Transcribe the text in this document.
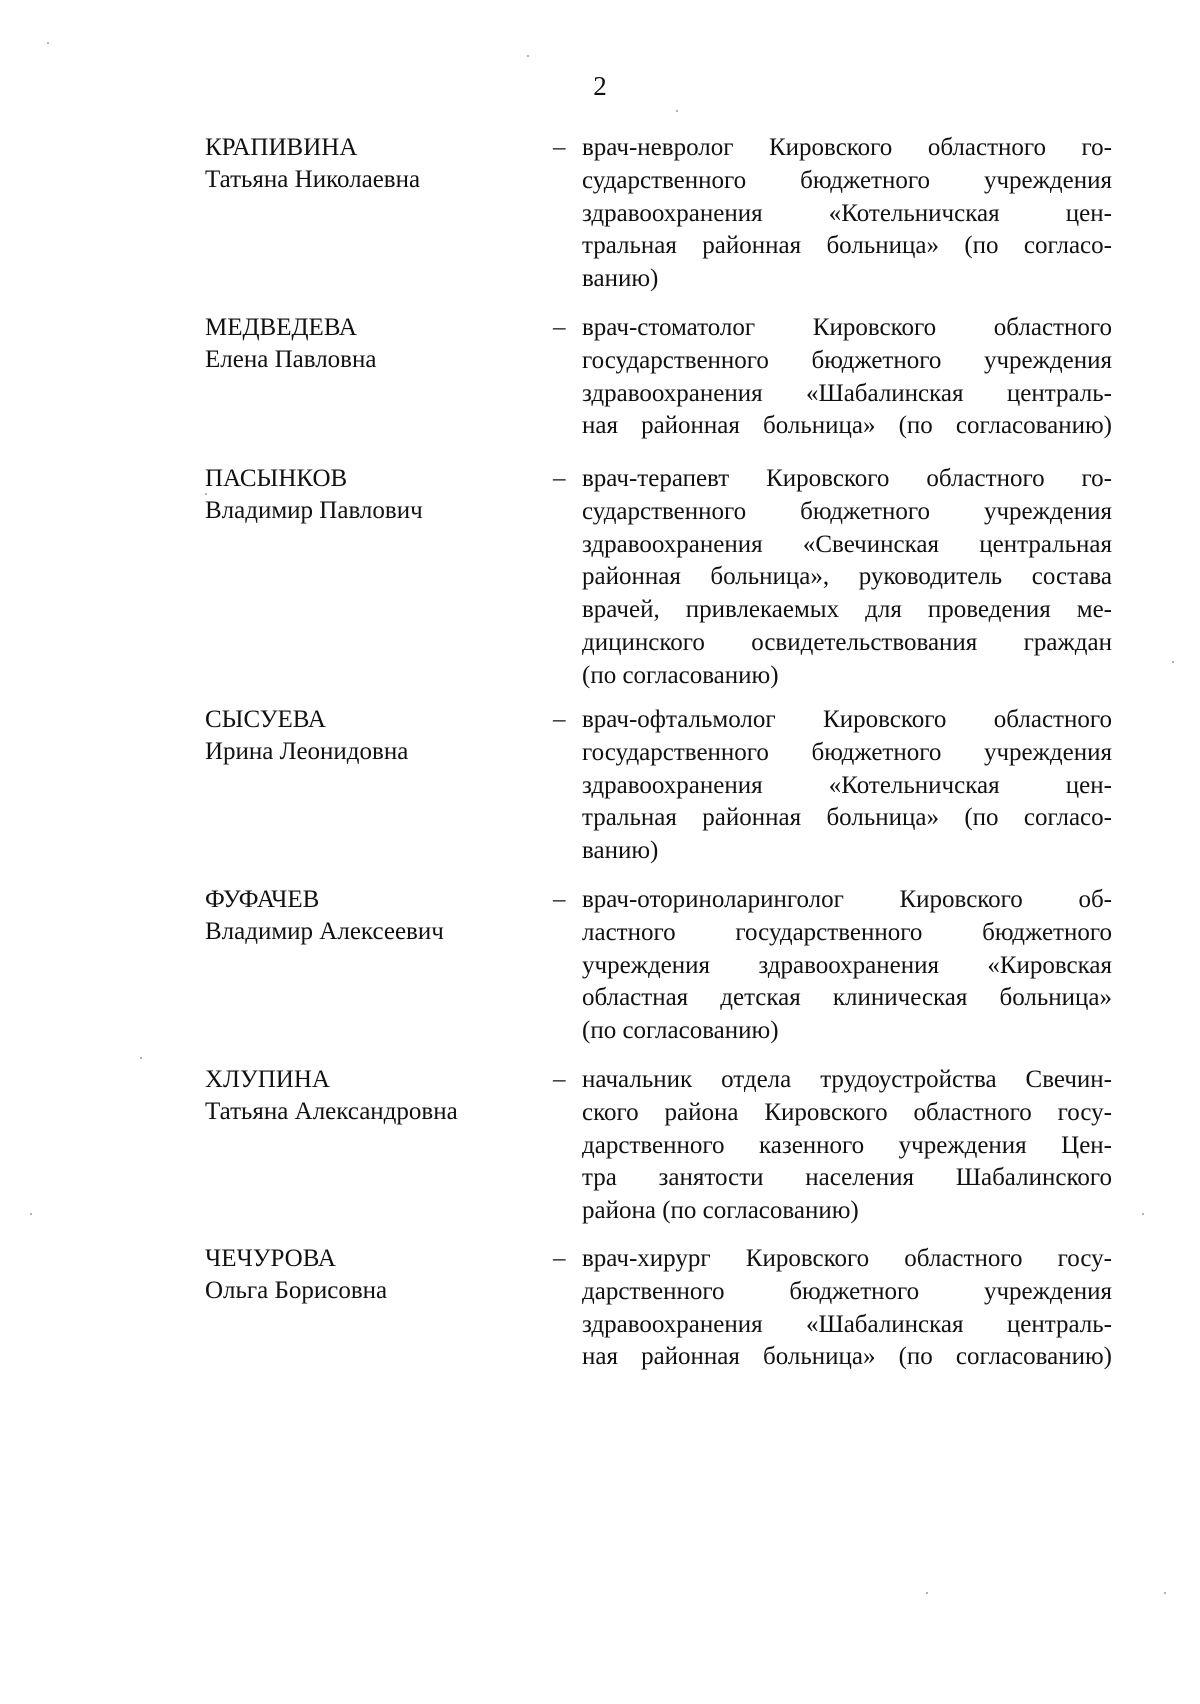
2
КРАПИВИНА
Татьяна Николаевна
– врач-невролог Кировского областного го-
сударственного бюджетного учреждения
здравоохранения	«Котельничская	цен-
тральная районная больница» (по согласо-
ванию)
МЕДВЕДЕВА
Елена Павловна
– врач-стоматолог Кировского областного
государственного бюджетного учреждения
здравоохранения «Шабалинская централь-
ная районная больница» (по согласованию)
ПАСЫНКОВ
Владимир Павлович
– врач-терапевт Кировского областного го-
сударственного бюджетного учреждения
здравоохранения «Свечинская центральная
районная больница», руководитель состава
врачей, привлекаемых для проведения ме-
дицинского освидетельствования граждан
(по согласованию)
СЫСУЕВА
Ирина Леонидовна
– врач-офтальмолог Кировского областного
государственного бюджетного учреждения
здравоохранения	«Котельничская	цен-
тральная районная больница» (по согласо-
ванию)
ФУФАЧЕВ
Владимир Алексеевич
– врач-оториноларинголог Кировского об-
ластного государственного бюджетного
учреждения здравоохранения «Кировская
областная детская клиническая больница»
(по согласованию)
ХЛУПИНА
Татьяна Александровна
– начальник отдела трудоустройства Свечин-
ского района Кировского областного госу-
дарственного казенного учреждения Цен-
тра занятости населения Шабалинского
района (по согласованию)
ЧЕЧУРОВА
Ольга Борисовна
– врач-хирург Кировского областного госу-
дарственного	бюджетного	учреждения
здравоохранения «Шабалинская централь-
ная районная больница» (по согласованию)
